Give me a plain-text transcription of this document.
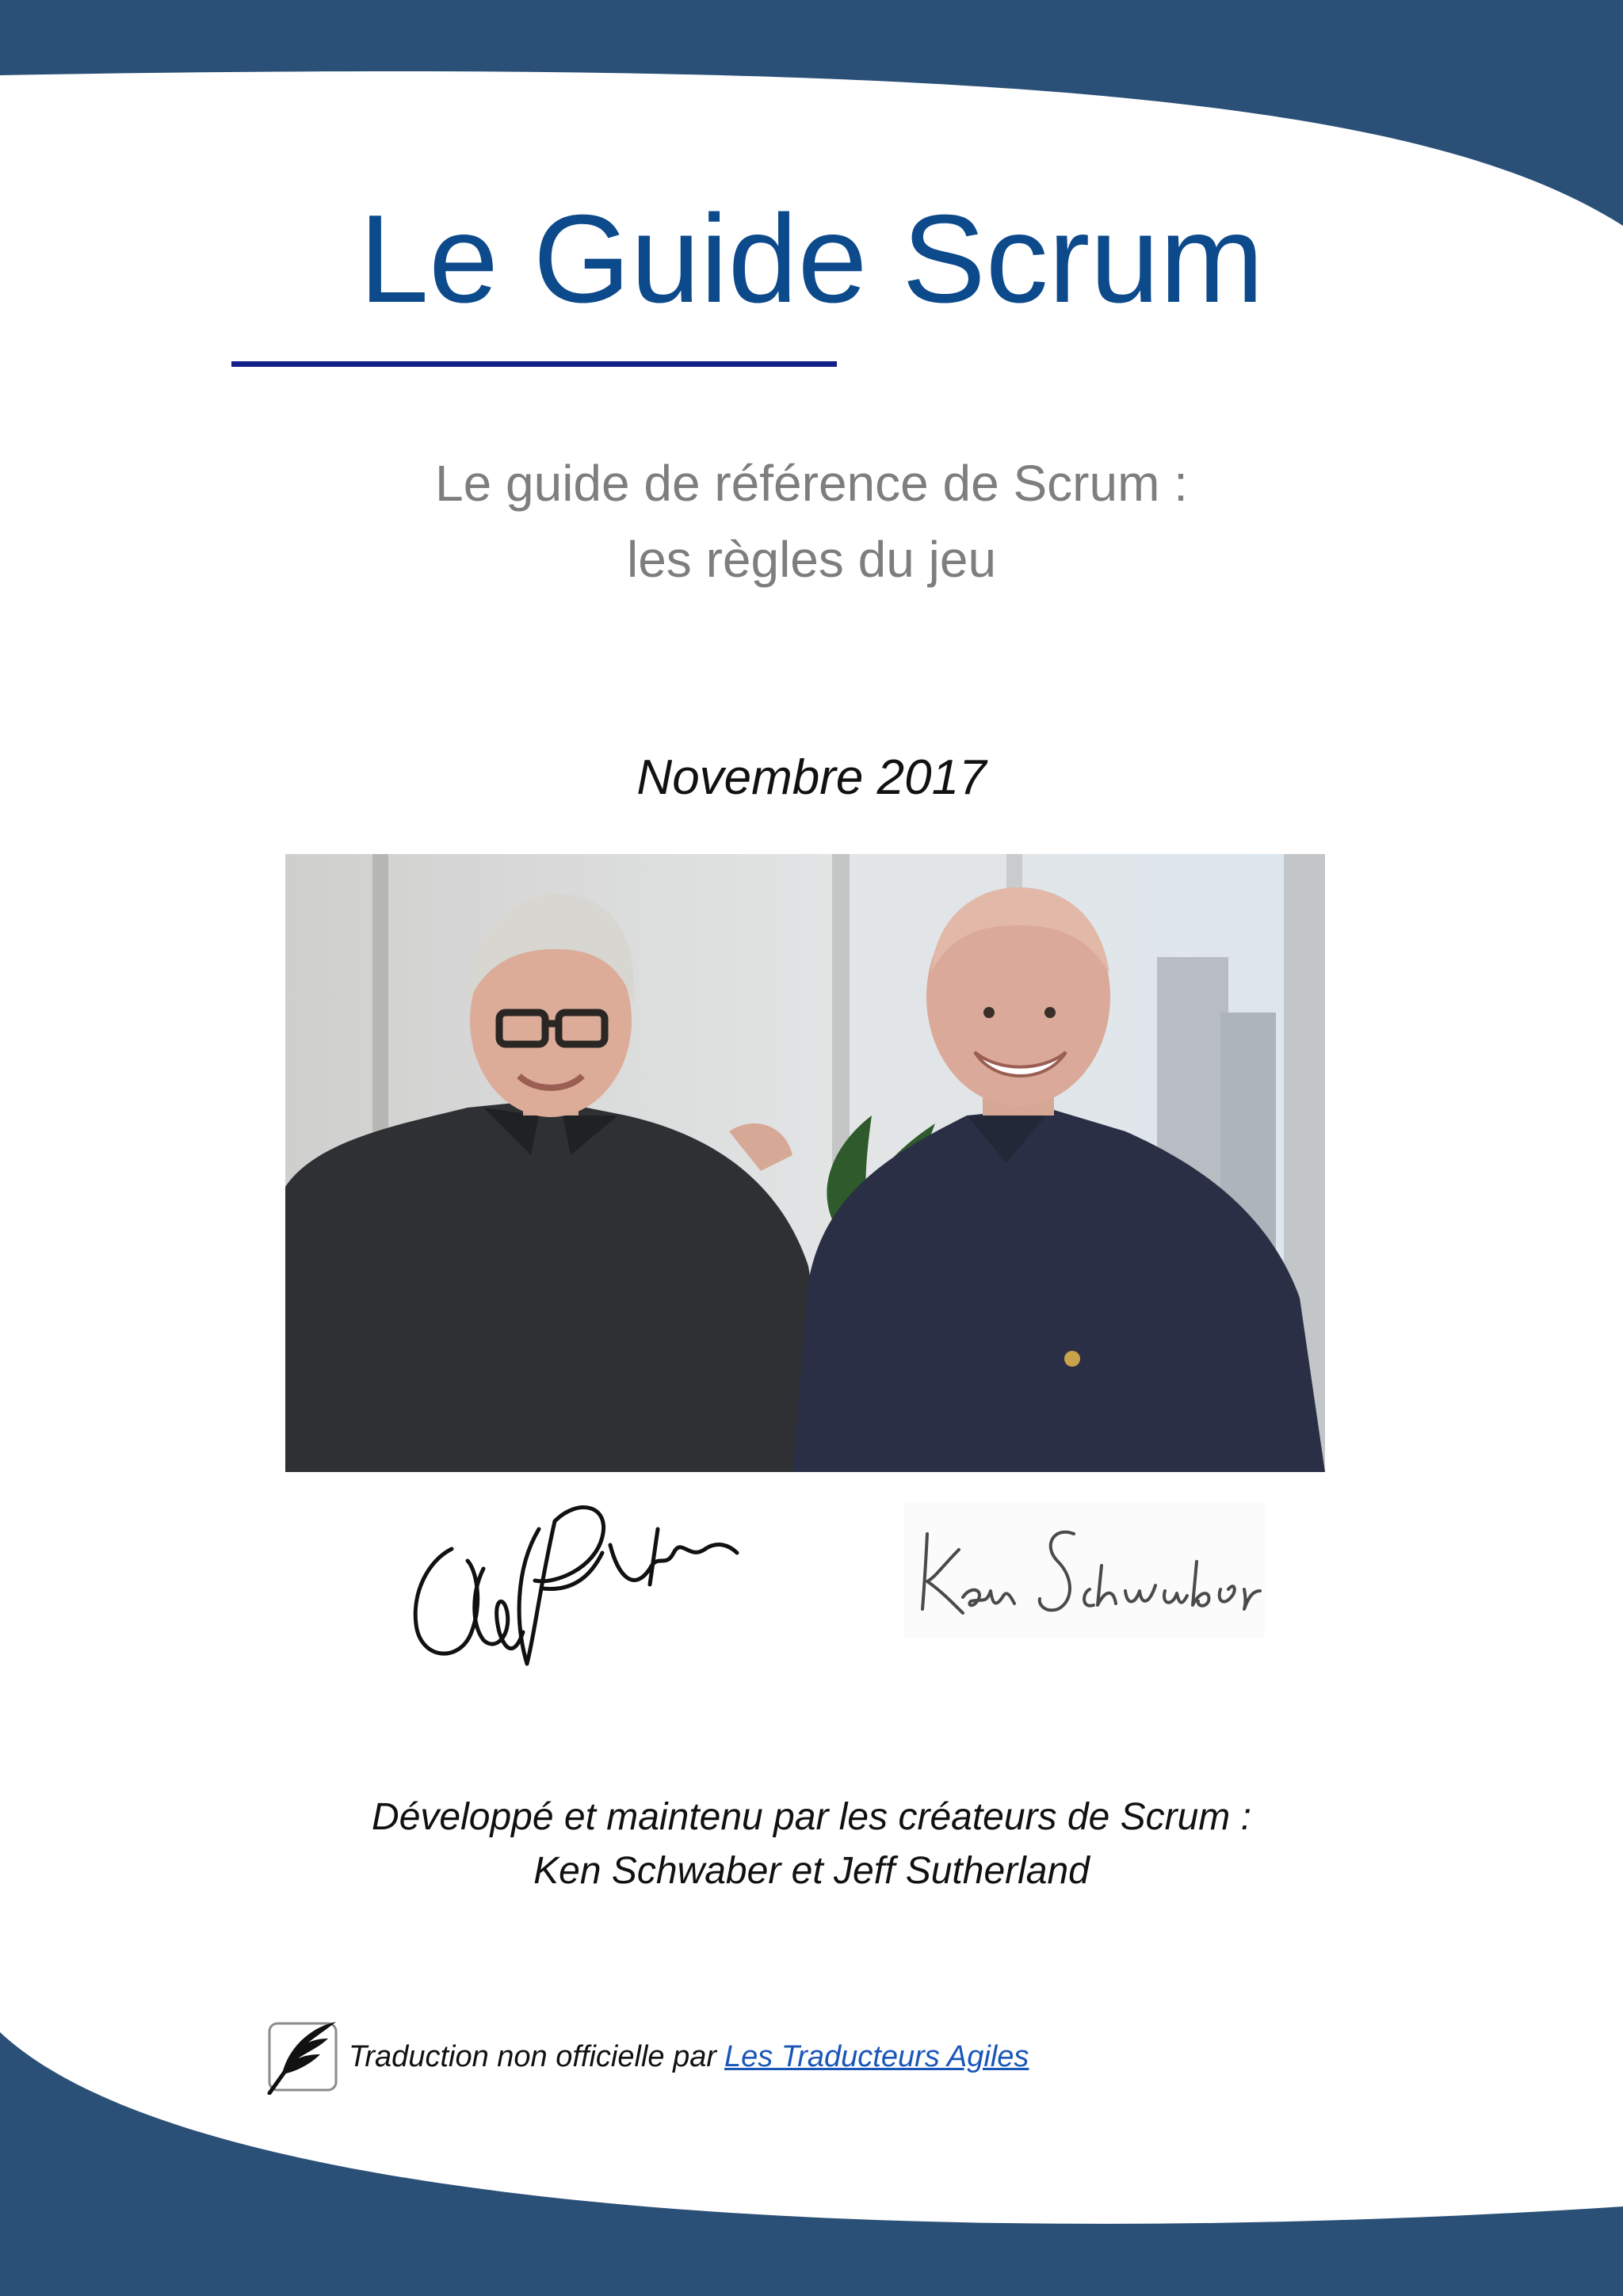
Le Guide Scrum
Le guide de référence de Scrum :
les règles du jeu
Novembre 2017
Développé et maintenu par les créateurs de Scrum :
Ken Schwaber et Jeff Sutherland
Traduction non officielle par Les Traducteurs Agiles
